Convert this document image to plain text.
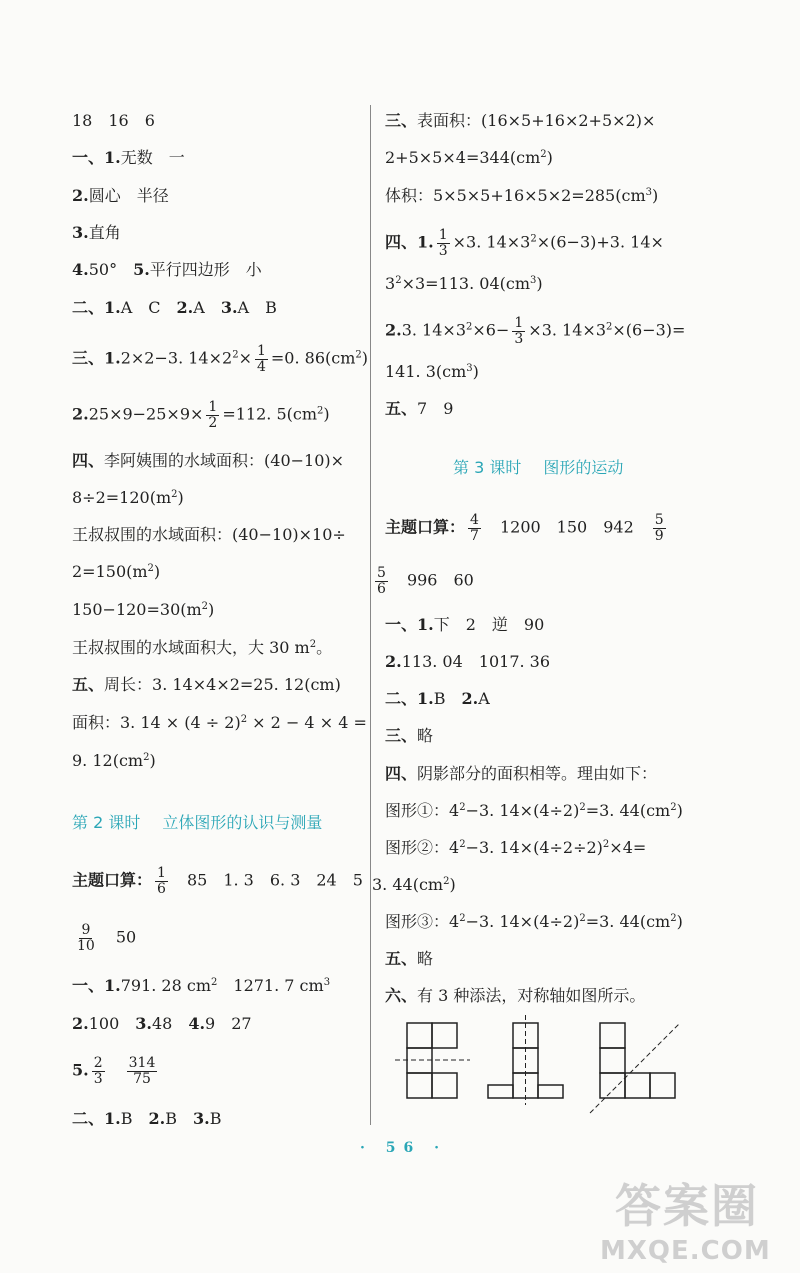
18　16　6
一、1.无数　一
2.圆心　半径
3.直角
4.50°　 5.平行四边形　小
二、1.A　C　 2.A　 3.A　B
三、1.2×2−3. $14\times 2^2\times \frac{1}{4} =0$. $86(cm^2)$
$2.25\times 9-25\times 9\times \frac{1}{2} =112$. $5(cm^2)$
四、李阿姨围的水域面积：(40−10)×
$8\div 2=120(m^2)$
王叔叔围的水域面积：(40−10)×10÷
$2=150(m^2)$
$150-120=30(m^2)$
王叔叔围的水域面积大，大 30 $m^2$。
五、周长：3. 14×4×2=25. 12(cm)
面积：3. $14 \times (4 \div 2)^2 \times 2 - 4 \times 4$ =
9. $12(cm^2)$
第 2 课时 立体图形的认识与测量
主题口算： $\frac{1}{6}$
　 85　1. 3　6. 3　24　5
$\frac{9}{10}$
　 50
一、1.791. 28 $cm^2$　1271. 7 $cm^3$
2.100　 3.48　 4.9　27
5. $\frac{2}{3}$
　 $\frac{314}{75}$
二、1.B　 2.B　 3.B
三、表面积：(16×5+16×2+5×2)×
$2+5\times 5\times 4=344(cm^2)$
体积：$5\times 5\times 5+16\times 5\times 2=285(cm^3)$
四、1. $\frac{1}{3} \times 3$. $14\times 3^2\times(6-3)+3$. 14×
$3^2\times 3=113$. $04(cm^3)$
2.3. $14\times 3^2\times 6- \frac{1}{3} \times 3$. $14\times 3^2\times(6-3)=$
141. $3(cm^3)$
五、7　9
第 3 课时 图形的运动
主题口算： $\frac{4}{7}$
　 1200　150　942　 $\frac{5}{9}$
$\frac{5}{6}$
　 996　60
一、1.下　2　逆　90
2.113. 04　1017. 36
二、1.B　 2.A
三、略
四、阴影部分的面积相等。理由如下：
图形①：$4^2-3$. $14\times(4\div 2)^2=3$. $44(cm^2)$
图形②：$4^2-3$. $14\times(4\div 2\div 2)^2\times 4=$
3. $44(cm^2)$
图形③：$4^2-3$. $14\times(4\div 2)^2=3$. $44(cm^2)$
五、略
六、有 3 种添法，对称轴如图所示。
· 56 ·
答案圈
MXQE.COM
